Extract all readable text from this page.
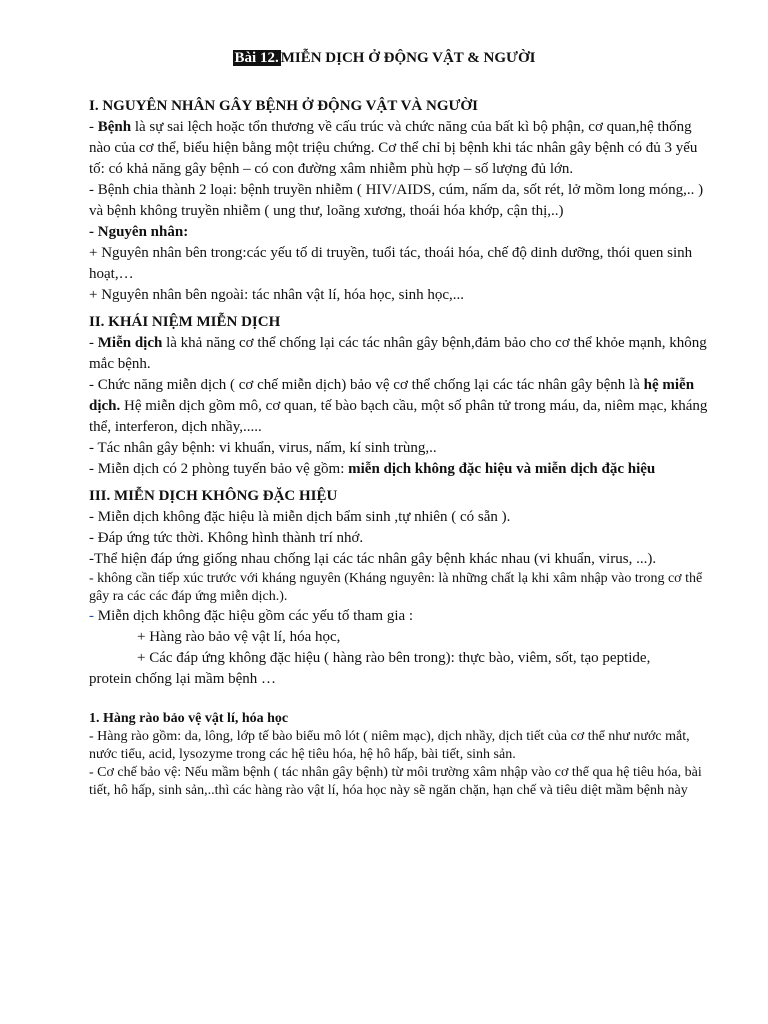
Bài 12. MIỄN DỊCH Ở ĐỘNG VẬT & NGƯỜI

I. NGUYÊN NHÂN GÂY BỆNH Ở ĐỘNG VẬT VÀ NGƯỜI

- Bệnh là sự sai lệch hoặc tổn thương về cấu trúc và chức năng của bất kì bộ phận, cơ quan,hệ thống nào của cơ thể, biểu hiện bằng một triệu chứng. Cơ thể chỉ bị bệnh khi tác nhân gây bệnh có đủ 3 yếu tố: có khả năng gây bệnh – có con đường xâm nhiễm phù hợp – số lượng đủ lớn.

- Bệnh chia thành 2 loại: bệnh truyền nhiễm ( HIV/AIDS, cúm, nấm da, sốt rét, lở mồm long móng,.. ) và bệnh không truyền nhiễm ( ung thư, loãng xương, thoái hóa khớp, cận thị,..)

- Nguyên nhân:

+ Nguyên nhân bên trong:các yếu tố di truyền, tuổi tác, thoái hóa, chế độ dinh dưỡng, thói quen sinh hoạt,…

+ Nguyên nhân bên ngoài: tác nhân vật lí, hóa học, sinh học,...

II. KHÁI NIỆM MIỄN DỊCH

- Miễn dịch là khả năng cơ thể chống lại các tác nhân gây bệnh,đảm bảo cho cơ thể khỏe mạnh, không mắc bệnh.

- Chức năng miễn dịch ( cơ chế miễn dịch) bảo vệ cơ thể chống lại các tác nhân gây bệnh là hệ miễn dịch. Hệ miễn dịch gồm mô, cơ quan, tế bào bạch cầu, một số phân tử trong máu, da, niêm mạc, kháng thể, interferon, dịch nhầy,.....

- Tác nhân gây bệnh: vi khuẩn, virus, nấm, kí sinh trùng,..

- Miễn dịch có 2 phòng tuyến bảo vệ gồm: miễn dịch không đặc hiệu và miễn dịch đặc hiệu

III. MIỄN DỊCH KHÔNG ĐẶC HIỆU

- Miễn dịch không đặc hiệu là miễn dịch bẩm sinh ,tự nhiên ( có sẵn ).

- Đáp ứng tức thời. Không hình thành trí nhớ.

-Thể hiện đáp ứng giống nhau chống lại các tác nhân gây bệnh khác nhau (vi khuẩn, virus, ...).

- không cần tiếp xúc trước với kháng nguyên (Kháng nguyên: là những chất lạ khi xâm nhập vào trong cơ thể gây ra các các đáp ứng miễn dịch.).

- Miễn dịch không đặc hiệu gồm các yếu tố tham gia :

+ Hàng rào bảo vệ vật lí, hóa học,

+ Các đáp ứng không đặc hiệu ( hàng rào bên trong): thực bào, viêm, sốt, tạo peptide,

protein chống lại mầm bệnh …

1. Hàng rào bảo vệ vật lí, hóa học

- Hàng rào gồm: da, lông, lớp tế bào biểu mô lót ( niêm mạc), dịch nhầy, dịch tiết của cơ thể như nước mắt, nước tiểu, acid, lysozyme trong các hệ tiêu hóa, hệ hô hấp, bài tiết, sinh sản.

- Cơ chế bảo vệ: Nếu mầm bệnh ( tác nhân gây bệnh) từ môi trường xâm nhập vào cơ thể qua hệ tiêu hóa, bài tiết, hô hấp, sinh sản,..thì các hàng rào vật lí, hóa học này sẽ ngăn chặn, hạn chế và tiêu diệt mầm bệnh này
